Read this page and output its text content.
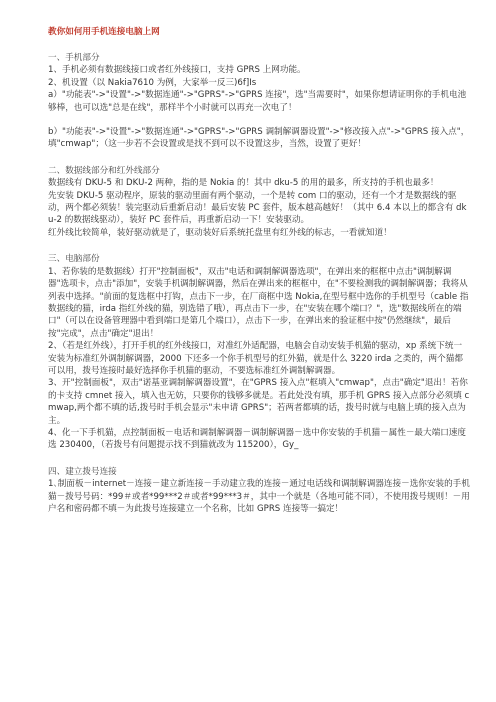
教你如何用手机连接电脑上网

一、手机部分

1、手机必须有数据线接口或者红外线接口，支持 GPRS 上网功能。

2、机设置（以 Nakia7610 为例，大家举一反三)6f]Is

a）"功能表"->"设置"->"数据连通"->"GPRS"->"GPRS 连接"，选"当需要时"，如果你想请证明你的手机电池够棒，也可以选"总是在线"，那样半个小时就可以再充一次电了！

b）"功能表"->"设置"->"数据连通"->"GPRS"->"GPRS 调制解调器设置"->"修改接入点"->"GPRS 接入点"，填"cmwap"；（这一步若不会设置或是找不到可以不设置这步，当然，设置了更好！

二、数据线部分和红外线部分

数据线有 DKU-5 和 DKU-2 两种，指的是 Nokia 的！其中 dku-5 的用的最多，所支持的手机也最多！

先安装 DKU-5 驱动程序，原装的驱动里面有两个驱动，一个是转 com 口的驱动，还有一个才是数据线的驱动，两个都必须装！装完驱动后重新启动！最后安装 PC 套件，版本越高越好！（其中 6.4 本以上的都含有 dku-2 的数据线驱动），装好 PC 套件后，再重新启动一下！安装驱动。

红外线比较简单，装好驱动就是了，驱动装好后系统托盘里有红外线的标志，一看就知道！

三、电脑部份

1、若你装的是数据线）打开"控制面板"，双击"电话和调制解调器选项"，在弹出来的框框中点击"调制解调器"选项卡，点击"添加"，安装手机调制解调器，然后在弹出来的框框中，在"不要检测我的调制解调器；我将从列表中选择。"前面的复选框中打钩，点击下一步，在厂商框中选 Nokia,在型号框中选你的手机型号（cable 指数据线的猫，irda 指红外线的猫，别选错了哦），再点击下一步，在"安装在哪个端口？"，选"数据线所在的端口"（可以在设备管理器中看到端口是第几个端口），点击下一步，在弹出来的验证框中按"仍然继续"，最后按"完成"，点击"确定"退出！

2、（若是红外线），打开手机的红外线接口，对准红外适配器，电脑会自动安装手机猫的驱动，xp 系统下统一安装为标准红外调制解调器，2000 下还多一个你手机型号的红外猫，就是什么 3220 irda 之类的，两个猫都可以用，拨号连接时最好选择你手机猫的驱动，不要选标准红外调制解调器。

3、开"控制面板"，双击"诺基亚调制解调器设置"，在"GPRS 接入点"框填入"cmwap"，点击"确定"退出！若你的卡支持 cmnet 接入，填入也无妨，只要你的钱够多就是。若此处没有填，那手机 GPRS 接入点部分必须填 cmwap,两个都不填的话,拨号时手机会显示"未申请 GPRS"；若两者都填的话，拨号时就与电脑上填的接入点为主。

4、化一下手机猫，点控制面板－电话和调制解调器－调制解调器－选中你安装的手机猫－属性－最大端口速度选 230400，（若拨号有问题提示找不到猫就改为 115200），Gy_

四、建立拨号连接

1､制面板－internet－连接－建立新连接－手动建立我的连接－通过电话线和调制解调器连接－选你安装的手机猫－拨号号码：*99＃或者*99***2＃或者*99***3＃，其中一个就是（各地可能不同），不使用拨号规则！－用户名和密码都不填－为此拨号连接建立一个名称，比如 GPRS 连接等一搞定！
